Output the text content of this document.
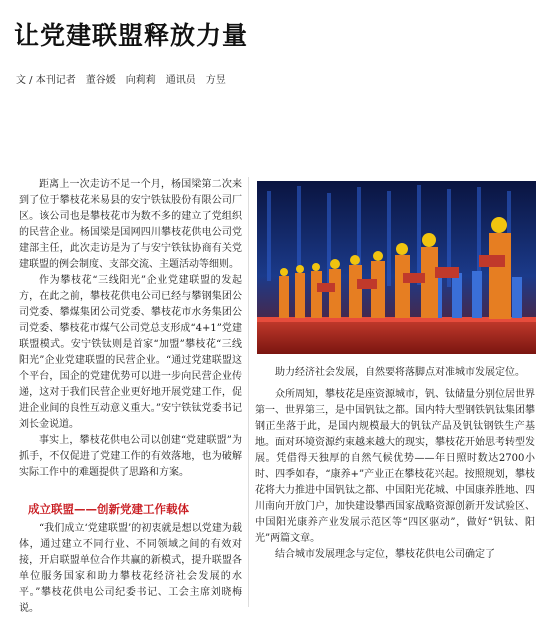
让党建联盟释放力量
文 / 本刊记者　董谷媛　向莉莉　通讯员　方昱

距离上一次走访不足一个月，杨国梁第二次来到了位于攀枝花米易县的安宁铁钛股份有限公司厂区。该公司也是攀枝花市为数不多的建立了党组织的民营企业。杨国梁是国网四川攀枝花供电公司党建部主任，此次走访是为了与安宁铁钛协商有关党建联盟的例会制度、支部交流、主题活动等细则。

作为攀枝花“三线阳光”企业党建联盟的发起方，在此之前，攀枝花供电公司已经与攀钢集团公司党委、攀煤集团公司党委、攀枝花市水务集团公司党委、攀枝花市煤气公司党总支形成“4+1”党建联盟模式。安宁铁钛则是首家“加盟”攀枝花“三线阳光”企业党建联盟的民营企业。“通过党建联盟这个平台，国企的党建优势可以进一步向民营企业传递，这对于我们民营企业更好地开展党建工作，促进企业间的良性互动意义重大。”安宁铁钛党委书记刘长金说道。

事实上，攀枝花供电公司以创建“党建联盟”为抓手，不仅促进了党建工作的有效落地，也为破解实际工作中的难题提供了思路和方案。

成立联盟——创新党建工作载体

“我们成立‘党建联盟’的初衷就是想以党建为载体，通过建立不同行业、不同领域之间的有效对接，开启联盟单位合作共赢的新模式，提升联盟各单位服务国家和助力攀枝花经济社会发展的水平。”攀枝花供电公司纪委书记、工会主席刘晓梅说。

助力经济社会发展，自然要将落脚点对准城市发展定位。

众所周知，攀枝花是座资源城市，钒、钛储量分别位居世界第一、世界第三，是中国钒钛之都。国内特大型钢铁钒钛集团攀钢正坐落于此，是国内规模最大的钒钛产品及钒钛钢铁生产基地。面对环境资源约束越来越大的现实，攀枝花开始思考转型发展。凭借得天独厚的自然气候优势——年日照时数达2700小时、四季如春，“康养+”产业正在攀枝花兴起。按照规划，攀枝花将大力推进中国钒钛之都、中国阳光花城、中国康养胜地、四川南向开放门户，加快建设攀西国家战略资源创新开发试验区、中国阳光康养产业发展示范区等“四区驱动”，做好“钒钛、阳光”两篇文章。

结合城市发展理念与定位，攀枝花供电公司确定了
